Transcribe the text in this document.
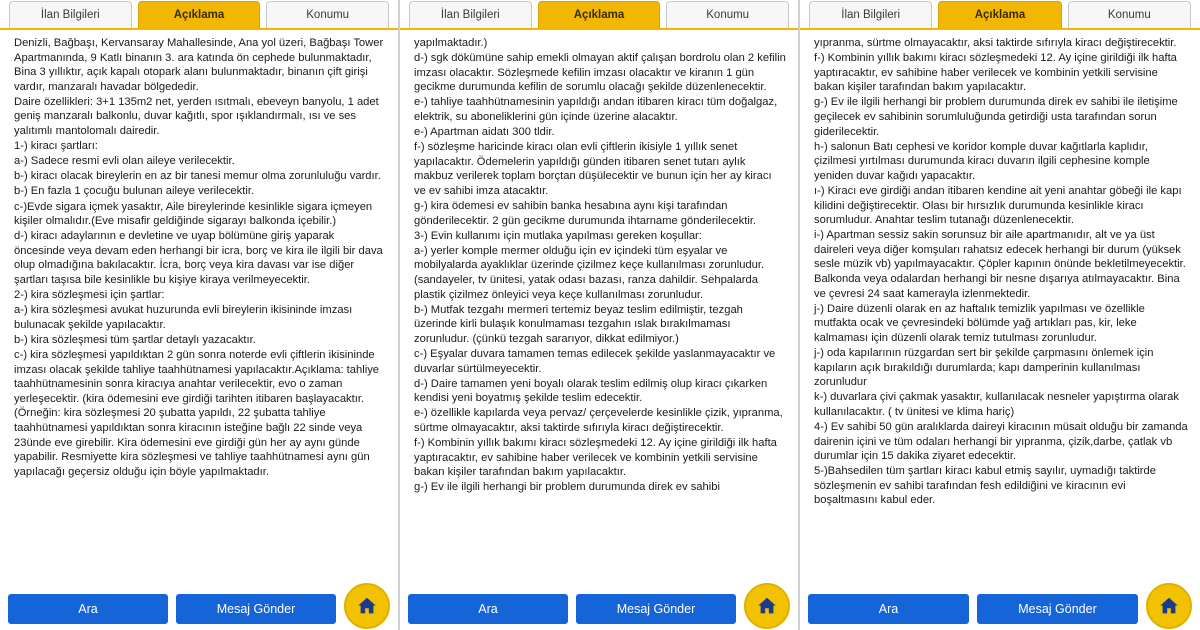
İlan Bilgileri	Açıklama	Konumu

Denizli, Bağbaşı, Kervansaray Mahallesinde, Ana yol üzeri, Bağbaşı Tower Apartmanında, 9 Katlı binanın 3. ara katında ön cephede bulunmaktadır, Bina 3 yıllıktır, açık kapalı otopark alanı bulunmaktadır, binanın çift girişi vardır, manzaralı havadar bölgededir.

Daire özellikleri: 3+1 135m2 net, yerden ısıtmalı, ebeveyn banyolu, 1 adet geniş manzaralı balkonlu, duvar kağıtlı, spor ışıklandırmalı, ısı ve ses yalıtımlı mantolomalı dairedir.

1-) kiracı şartları:

a-) Sadece resmi evli olan aileye verilecektir.

b-) kiracı olacak bireylerin en az bir tanesi memur olma zorunluluğu vardır.

b-) En fazla 1 çocuğu bulunan aileye verilecektir.

c-)Evde sigara içmek yasaktır, Aile bireylerinde kesinlikle sigara içmeyen kişiler olmalıdır.(Eve misafir geldiğinde sigarayı balkonda içebilir.)

d-) kiracı adaylarının e devletine ve uyap bölümüne giriş yaparak öncesinde veya devam eden herhangi bir icra, borç ve kira ile ilgili bir dava olup olmadığına bakılacaktır. İcra, borç veya kira davası var ise diğer şartları taşısa bile kesinlikle bu kişiye kiraya verilmeyecektir.

2-) kira sözleşmesi için şartlar:

a-) kira sözleşmesi avukat huzurunda evli bireylerin ikisininde imzası bulunacak şekilde yapılacaktır.

b-) kira sözleşmesi tüm şartlar detaylı yazacaktır.

c-) kira sözleşmesi yapıldıktan 2 gün sonra noterde evli çiftlerin ikisininde imzası olacak şekilde tahliye taahhütnamesi yapılacaktır.Açıklama: tahliye taahhütnamesinin sonra kiracıya anahtar verilecektir, evo o zaman yerleşecektir. (kira ödemesini eve girdiği tarihten itibaren başlayacaktır. (Örneğin: kira sözleşmesi 20 şubatta yapıldı, 22 şubatta tahliye taahhütnamesi yapıldıktan sonra kiracının isteğine bağlı 22 sinde veya 23ünde eve girebilir. Kira ödemesini eve girdiği gün her ay aynı günde yapabilir. Resmiyette kira sözleşmesi ve tahliye taahhütnamesi aynı gün yapılacağı geçersiz olduğu için böyle yapılmaktadır.

Ara	Mesaj Gönder
İlan Bilgileri	Açıklama	Konumu

yapılmaktadır.)

d-) sgk dökümüne sahip emekli olmayan aktif çalışan bordrolu olan 2 kefilin imzası olacaktır. Sözleşmede kefilin imzası olacaktır ve kiranın 1 gün gecikme durumunda kefilin de sorumlu olacağı şekilde düzenlenecektir.

e-) tahliye taahhütnamesinin yapıldığı andan itibaren kiracı tüm doğalgaz, elektrik, su aboneliklerini gün içinde üzerine alacaktır.

e-) Apartman aidatı 300 tldir.

f-) sözleşme haricinde kiracı olan evli çiftlerin ikisiyle 1 yıllık senet yapılacaktır. Ödemelerin yapıldığı günden itibaren senet tutarı aylık makbuz verilerek toplam borçtan düşülecektir ve bunun için her ay kiracı ve ev sahibi imza atacaktır.

g-) kira ödemesi ev sahibin banka hesabına aynı kişi tarafından gönderilecektir. 2 gün gecikme durumunda ihtarname gönderilecektir.

3-) Evin kullanımı için mutlaka yapılması gereken koşullar:

a-) yerler komple mermer olduğu için ev içindeki tüm eşyalar ve mobilyalarda ayaklıklar üzerinde çizilmez keçe kullanılması zorunludur. (sandayeler, tv ünitesi, yatak odası bazası, ranza dahildir. Sehpalarda plastik çizilmez önleyici veya keçe kullanılması zorunludur.

b-) Mutfak tezgahı mermeri tertemiz beyaz teslim edilmiştir, tezgah üzerinde kirli bulaşık konulmaması tezgahın ıslak bırakılmaması zorunludur. (çünkü tezgah sararıyor, dikkat edilmiyor.)

c-) Eşyalar duvara tamamen temas edilecek şekilde yaslanmayacaktır ve duvarlar sürtülmeyecektir.

d-) Daire tamamen yeni boyalı olarak teslim edilmiş olup kiracı çıkarken kendisi yeni boyatmış şekilde teslim edecektir.

e-) özellikle kapılarda veya pervaz/ çerçevelerde kesinlikle çizik, yıpranma, sürtme olmayacaktır, aksi taktirde sıfırıyla kiracı değiştirecektir.

f-) Kombinin yıllık bakımı kiracı sözleşmedeki 12. Ay içine girildiği ilk hafta yaptıracaktır, ev sahibine haber verilecek ve kombinin yetkili servisine bakan kişiler tarafından bakım yapılacaktır.

g-) Ev ile ilgili herhangi bir problem durumunda direk ev sahibi

Ara	Mesaj Gönder
İlan Bilgileri	Açıklama	Konumu

yıpranma, sürtme olmayacaktır, aksi taktirde sıfırıyla kiracı değiştirecektir.

f-) Kombinin yıllık bakımı kiracı sözleşmedeki 12. Ay içine girildiği ilk hafta yaptıracaktır, ev sahibine haber verilecek ve kombinin yetkili servisine bakan kişiler tarafından bakım yapılacaktır.

g-) Ev ile ilgili herhangi bir problem durumunda direk ev sahibi ile iletişime geçilecek ev sahibinin sorumluluğunda getirdiği usta tarafından sorun giderilecektir.

h-) salonun Batı cephesi ve koridor komple duvar kağıtlarla kaplıdır, çizilmesi yırtılması durumunda kiracı duvarın ilgili cephesine komple yeniden duvar kağıdı yapacaktır.

ı-) Kiracı eve girdiği andan itibaren kendine ait yeni anahtar göbeği ile kapı kilidini değiştirecektir. Olası bir hırsızlık durumunda kesinlikle kiracı sorumludur. Anahtar teslim tutanağı düzenlenecektir.

i-) Apartman sessiz sakin sorunsuz bir aile apartmanıdır, alt ve ya üst daireleri veya diğer komşuları rahatsız edecek herhangi bir durum (yüksek sesle müzik vb) yapılmayacaktır. Çöpler kapının önünde bekletilmeyecektir. Balkonda veya odalardan herhangi bir nesne dışarıya atılmayacaktır. Bina ve çevresi 24 saat kamerayla izlenmektedir.

j-) Daire düzenli olarak en az haftalık temizlik yapılması ve özellikle mutfakta ocak ve çevresindeki bölümde yağ artıkları pas, kir, leke kalmaması için düzenli olarak temiz tutulması zorunludur.

j-) oda kapılarının rüzgardan sert bir şekilde çarpmasını önlemek için kapıların açık bırakıldığı durumlarda; kapı damperinin kullanılması zorunludur

k-) duvarlara çivi çakmak yasaktır, kullanılacak nesneler yapıştırma olarak kullanılacaktır. ( tv ünitesi ve klima hariç)

4-) Ev sahibi 50 gün aralıklarda daireyi kiracının müsait olduğu bir zamanda dairenin içini ve tüm odaları herhangi bir yıpranma, çizik,darbe, çatlak vb durumlar için 15 dakika ziyaret edecektir.

5-)Bahsedilen tüm şartları kiracı kabul etmiş sayılır, uymadığı taktirde sözleşmenin ev sahibi tarafından fesh edildiğini ve kiracının evi boşaltmasını kabul eder.

Ara	Mesaj Gönder
